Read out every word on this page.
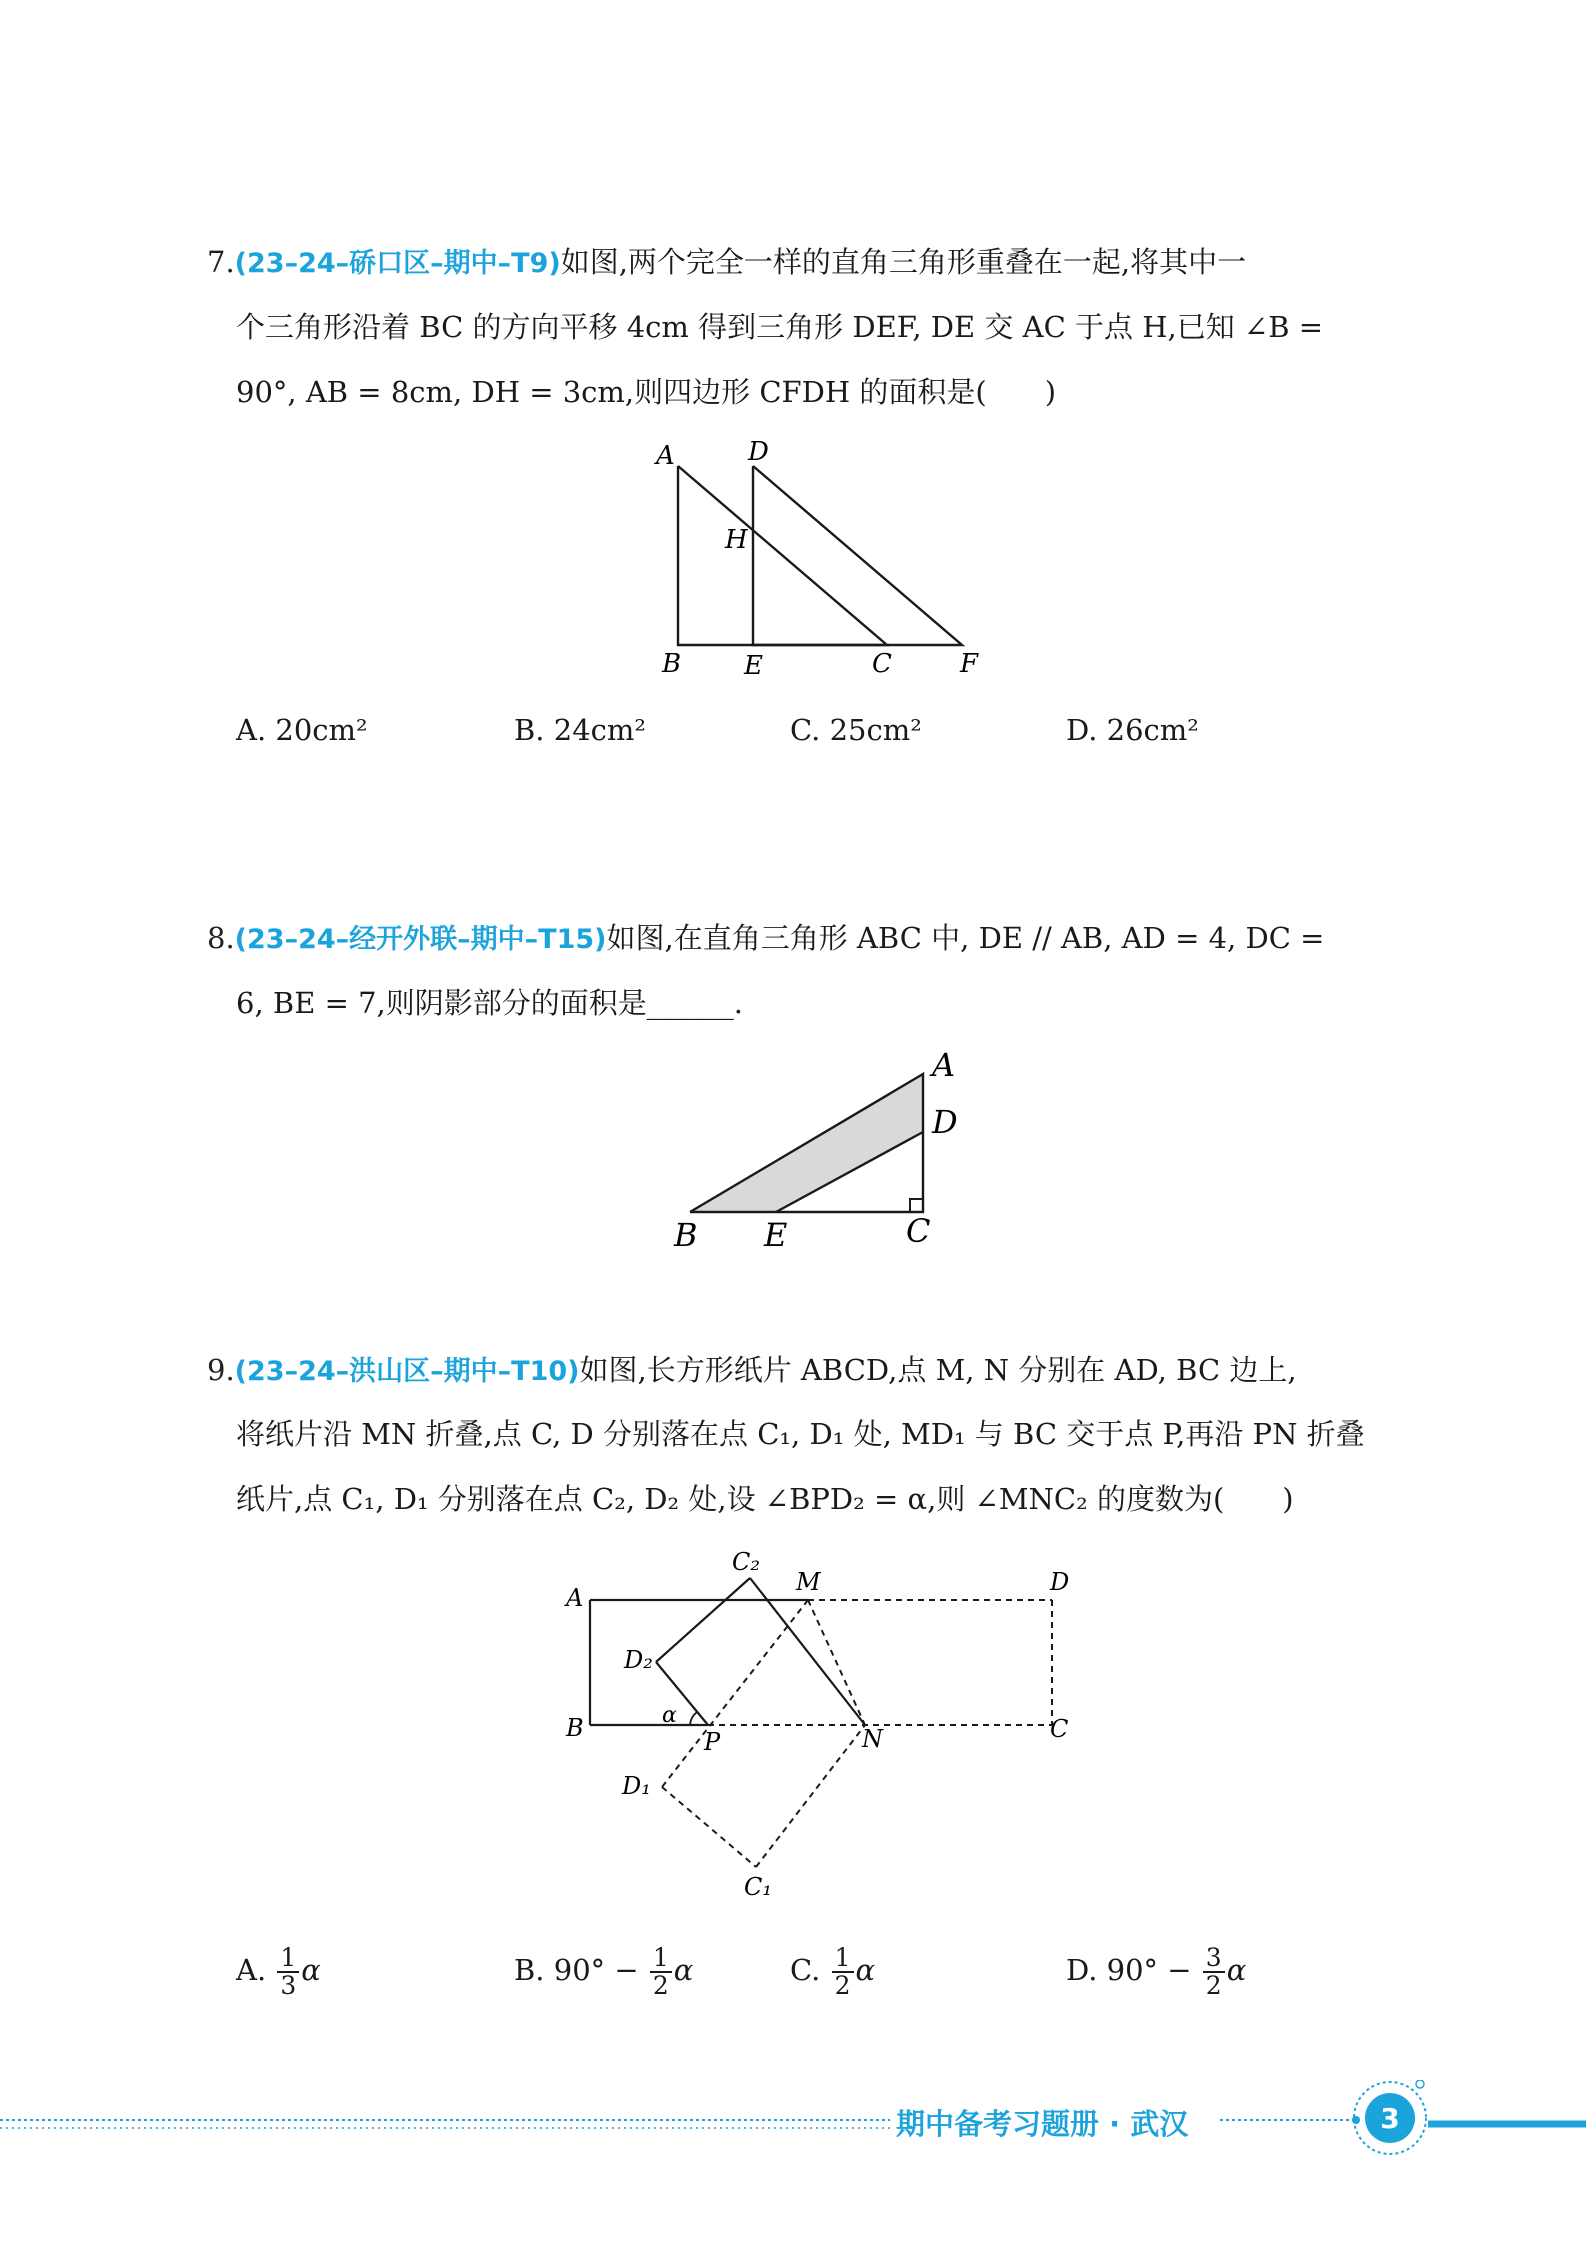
7.(23–24–硚口区–期中–T9)如图,两个完全一样的直角三角形重叠在一起,将其中一
个三角形沿着 BC 的方向平移 4cm 得到三角形 DEF, DE 交 AC 于点 H,已知 ∠B =
90°, AB = 8cm, DH = 3cm,则四边形 CFDH 的面积是(　　)
A	D
H
B E	C	F
A. 20cm²	B. 24cm²	C. 25cm²	D. 26cm²
8.(23–24–经开外联–期中–T15)如图,在直角三角形 ABC 中, DE // AB, AD = 4, DC =
6, BE = 7,则阴影部分的面积是______.
A
D
B E	C
9.(23–24–洪山区–期中–T10)如图,长方形纸片 ABCD,点 M, N 分别在 AD, BC 边上,
将纸片沿 MN 折叠,点 C, D 分别落在点 C₁, D₁ 处, MD₁ 与 BC 交于点 P,再沿 PN 折叠
纸片,点 C₁, D₁ 分别落在点 C₂, D₂ 处,设 ∠BPD₂ = α,则 ∠MNC₂ 的度数为(　　)
A
B
D
C
M
N
P
C₂
D₂
D₁
C₁
α
A. $\frac{1}{3}$ α	B. $90^\circ - \frac{1}{2}$ α	C. $\frac{1}{2}$ α	D. $90^\circ - \frac{3}{2}$ α
期中备考习题册 · 武汉	3
